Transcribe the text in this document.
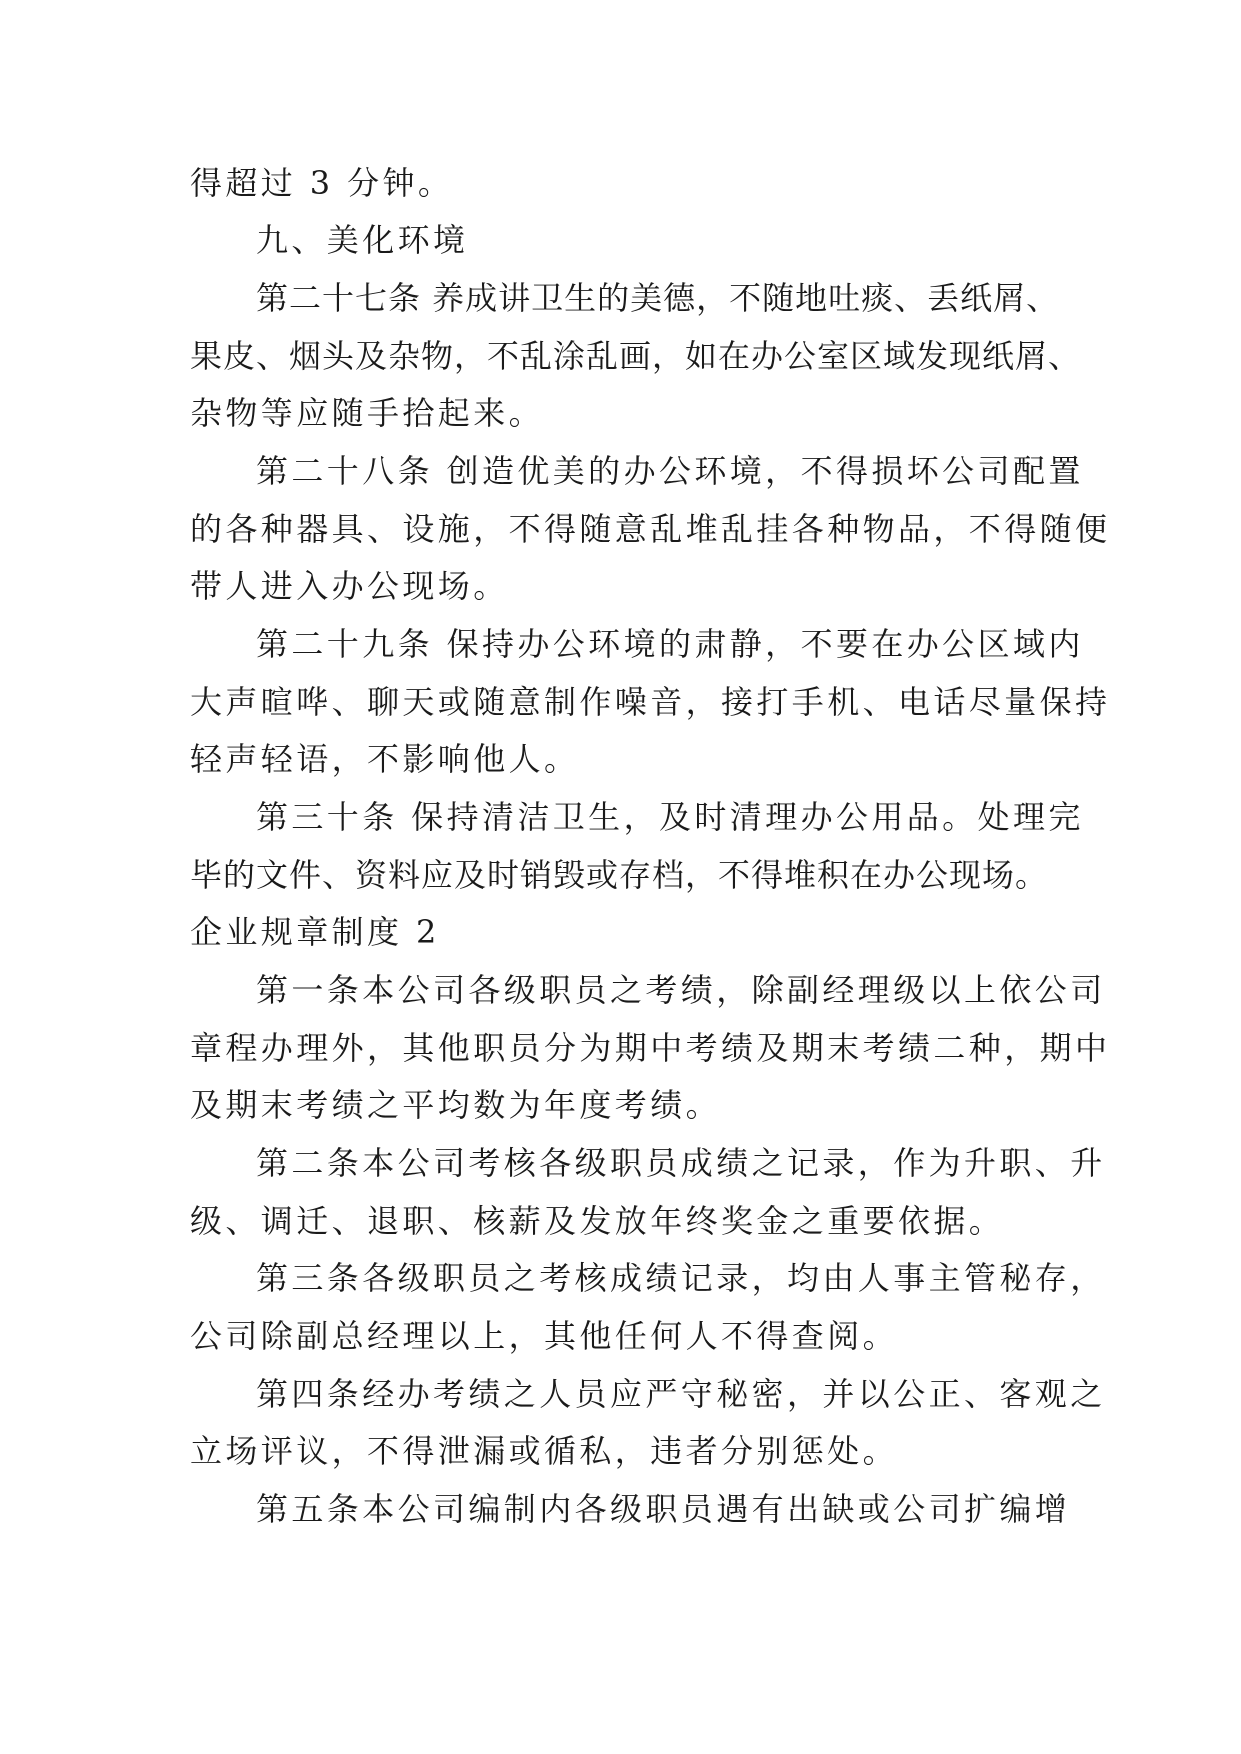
得超过 3 分钟。
九、美化环境
第二十七条 养成讲卫生的美德，不随地吐痰、丢纸屑、
果皮、烟头及杂物，不乱涂乱画，如在办公室区域发现纸屑、
杂物等应随手拾起来。
第二十八条 创造优美的办公环境，不得损坏公司配置
的各种器具、设施，不得随意乱堆乱挂各种物品，不得随便
带人进入办公现场。
第二十九条 保持办公环境的肃静，不要在办公区域内
大声暄哗、聊天或随意制作噪音，接打手机、电话尽量保持
轻声轻语，不影响他人。
第三十条 保持清洁卫生，及时清理办公用品。处理完
毕的文件、资料应及时销毁或存档，不得堆积在办公现场。
企业规章制度 2
第一条本公司各级职员之考绩，除副经理级以上依公司
章程办理外，其他职员分为期中考绩及期末考绩二种，期中
及期末考绩之平均数为年度考绩。
第二条本公司考核各级职员成绩之记录，作为升职、升
级、调迁、退职、核薪及发放年终奖金之重要依据。
第三条各级职员之考核成绩记录，均由人事主管秘存，
公司除副总经理以上，其他任何人不得查阅。
第四条经办考绩之人员应严守秘密，并以公正、客观之
立场评议，不得泄漏或循私，违者分别惩处。
第五条本公司编制内各级职员遇有出缺或公司扩编增
